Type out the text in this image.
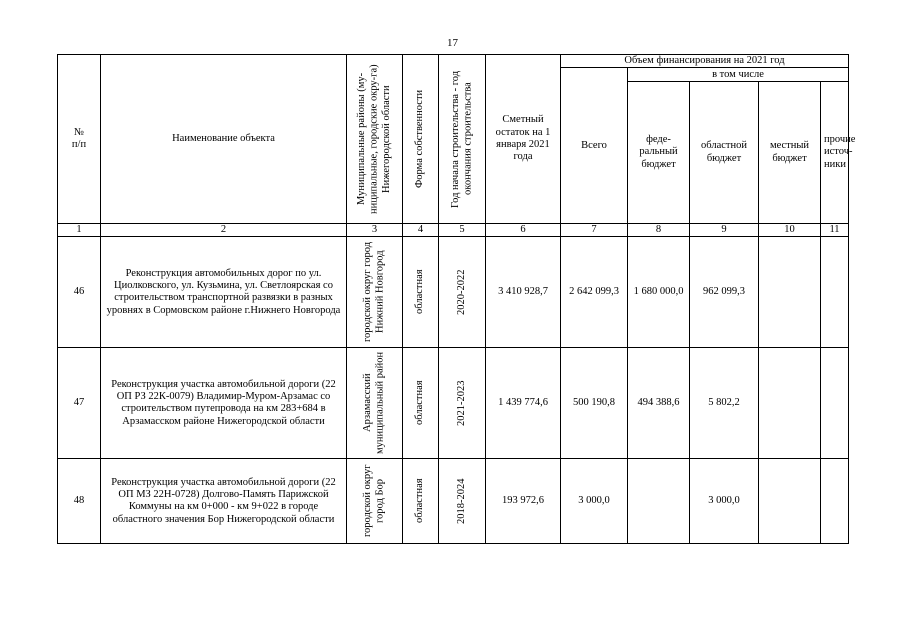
17
№
п/п	Наименование объекта	Муниципальные районы (му-ниципальные, городские окру-га) Нижегородской области	Форма собственности	Год начала строительства - год окончания строительства	Сметный остаток на 1 января 2021 года	Объем финансирования на 2021 год				
						Всего	в том числе			
							феде-ральный бюджет	областной бюджет	местный бюджет	прочие источ-ники
1	2	3	4	5	6	7	8	9	10	11
46	Реконструкция автомобильных дорог по ул. Циолковского, ул. Кузьмина, ул. Светлоярская со строительством транспортной развязки в разных уровнях в Сормовском районе г.Нижнего Новгорода	городской округ город Нижний Новгород	областная	2020-2022	3 410 928,7	2 642 099,3	1 680 000,0	962 099,3		
47	Реконструкция участка автомобильной дороги (22 ОП РЗ 22К-0079) Владимир-Муром-Арзамас со строительством путепровода на км 283+684 в Арзамасском районе Нижегородской области	Арзамасский муниципальный район	областная	2021-2023	1 439 774,6	500 190,8	494 388,6	5 802,2		
48	Реконструкция участка автомобильной дороги (22 ОП МЗ 22Н-0728) Долгово-Память Парижской Коммуны на км 0+000 - км 9+022 в городе областного значения Бор Нижегородской области	городской округ город Бор	областная	2018-2024	193 972,6	3 000,0		3 000,0		
